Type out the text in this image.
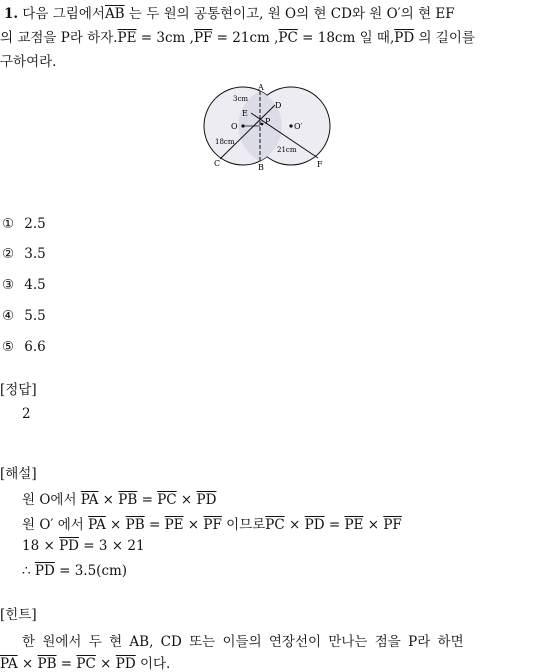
1. 다음 그림에서$\overline{AB}$ 는 두 원의 공통현이고, 원 O의 현 CD와 원 O′의 현 EF
의 교점을 P라 하자$.\overline{PE} = 3cm$ $,\overline{PF} = 21cm$ $,\overline{PC} = 18cm$ 일 때$,\overline{PD}$ 의 길이를
구하여라.
A
B
C
D
E
F
P
O	O′
3cm
18cm
21cm
① 2.5
② 3.5
③ 4.5
④ 5.5
⑤ 6.6
[정답]
2
[해설]
원 O에서 $\overline{PA} \times \overline{PB} = \overline{PC} \times \overline{PD}$
원 O′ 에서 $\overline{PA} \times \overline{PB} = \overline{PE} \times \overline{PF}$ 이므로$\overline{PC} \times \overline{PD} = \overline{PE} \times \overline{PF}$
$18 \times \overline{PD} = 3 \times 21$
∴ $\overline{PD} = 3.5(cm)$
[힌트]
한 원에서 두 현 AB, CD 또는 이들의 연장선이 만나는 점을 P라 하면
$\overline{PA} \times \overline{PB} = \overline{PC} \times \overline{PD}$ 이다.
